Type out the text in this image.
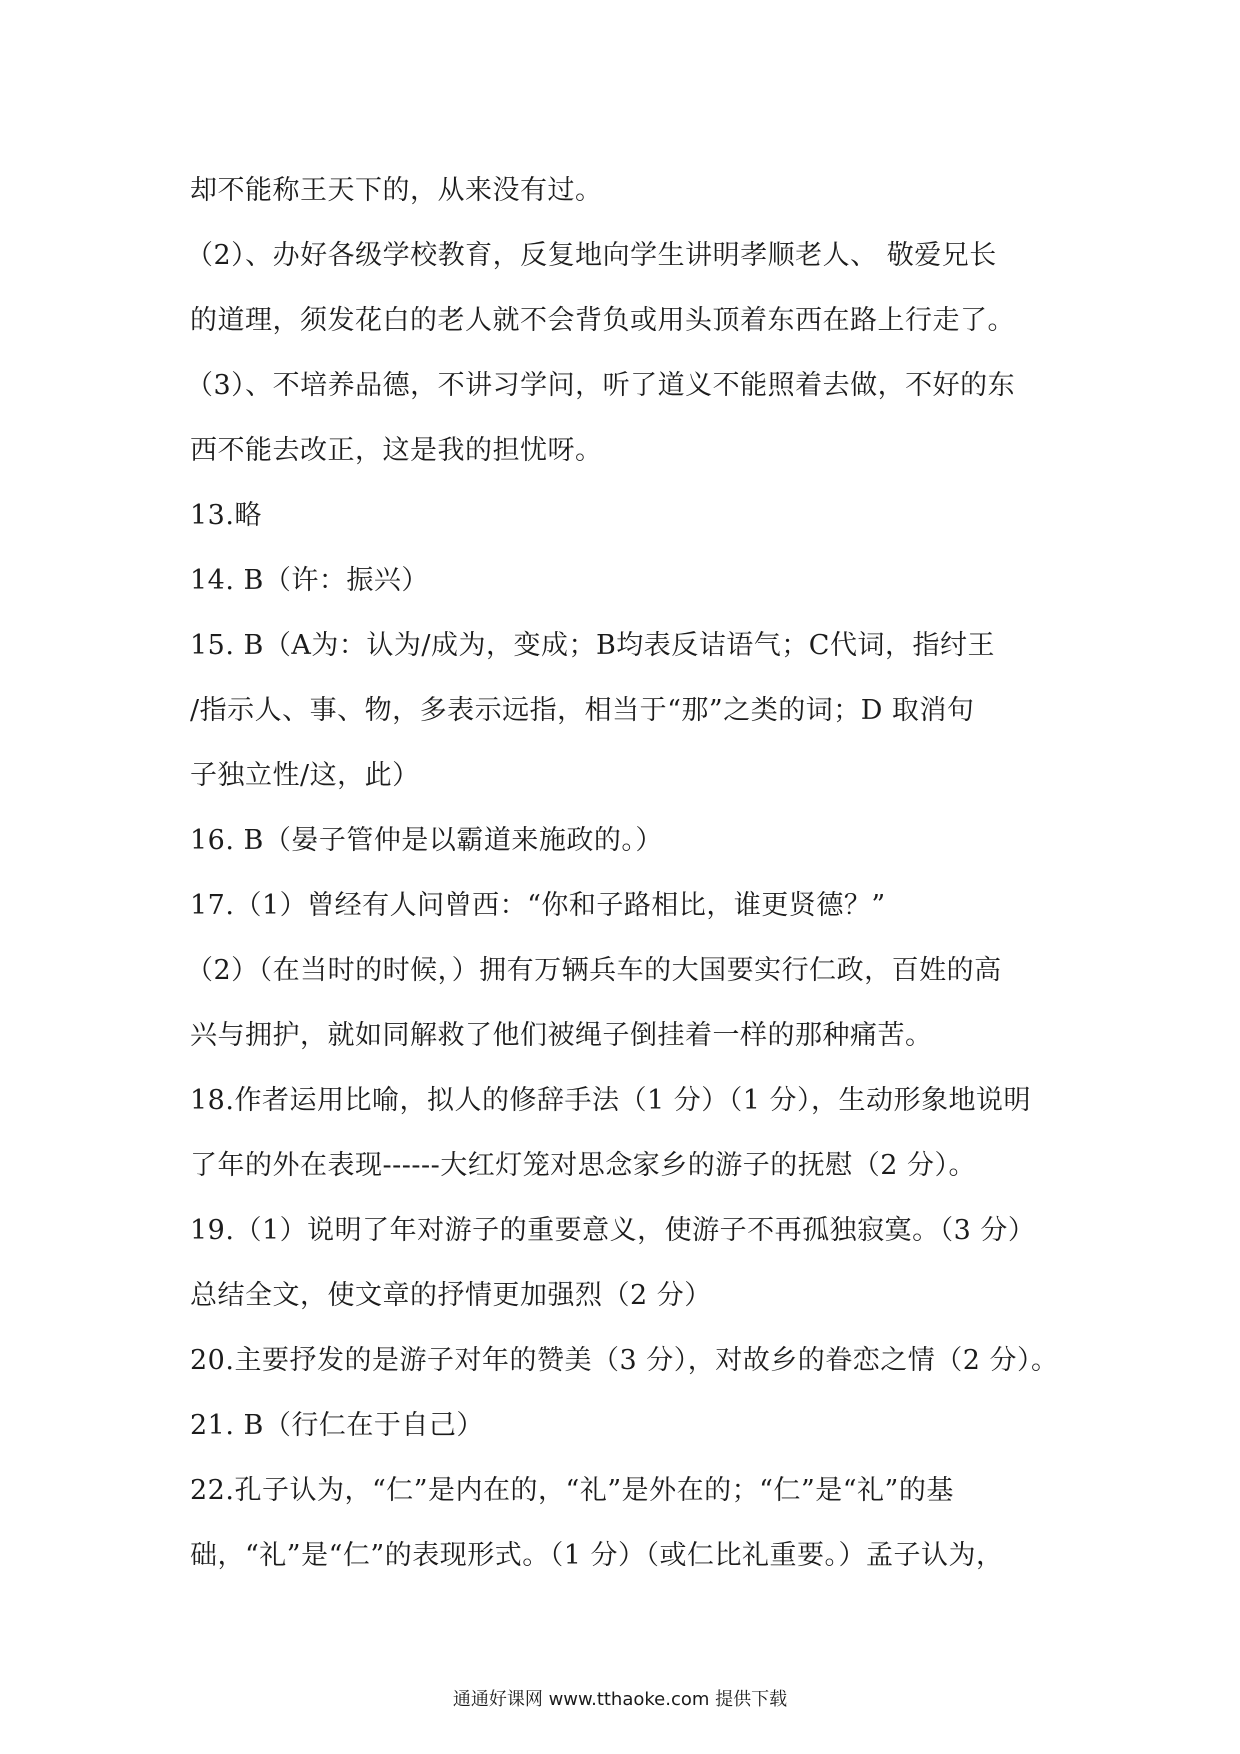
却不能称王天下的，从来没有过。
（2）、办好各级学校教育，反复地向学生讲明孝顺老人、 敬爱兄长
的道理，须发花白的老人就不会背负或用头顶着东西在路上行走了。
（3）、不培养品德，不讲习学问，听了道义不能照着去做，不好的东
西不能去改正，这是我的担忧呀。
13.略
14. B（许：振兴）
15. B（A为：认为/成为，变成；B均表反诘语气；C代词，指纣王
/指示人、事、物，多表示远指，相当于“那”之类的词；D 取消句
子独立性/这，此）
16. B（晏子管仲是以霸道来施政的。）
17.（1）曾经有人问曾西：“你和子路相比，谁更贤德？”
（2）（在当时的时候，）拥有万辆兵车的大国要实行仁政，百姓的高
兴与拥护，就如同解救了他们被绳子倒挂着一样的那种痛苦。
18.作者运用比喻，拟人的修辞手法（1 分）（1 分），生动形象地说明
了年的外在表现------大红灯笼对思念家乡的游子的抚慰（2 分）。
19.（1）说明了年对游子的重要意义，使游子不再孤独寂寞。（3 分）
总结全文，使文章的抒情更加强烈（2 分）
20.主要抒发的是游子对年的赞美（3 分），对故乡的眷恋之情（2 分）。
21. B（行仁在于自己）
22.孔子认为，“仁”是内在的，“礼”是外在的；“仁”是“礼”的基
础，“礼”是“仁”的表现形式。（1 分）（或仁比礼重要。）孟子认为，
通通好课网 www.tthaoke.com 提供下载
